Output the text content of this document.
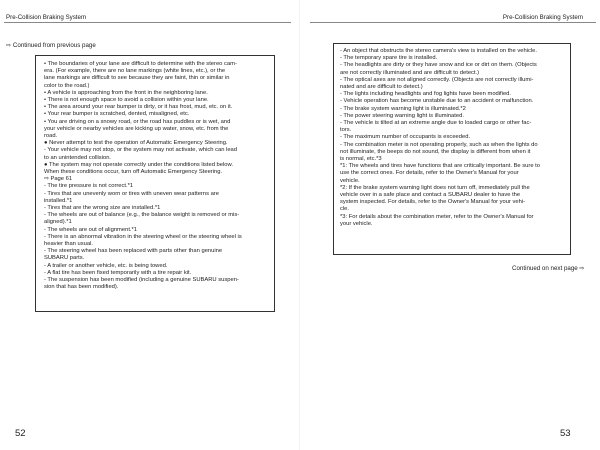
Pre-Collision Braking System	Pre-Collision Braking System
⇨ Continued from previous page
• The boundaries of your lane are difficult to determine with the stereo cam-
era. (For example, there are no lane markings (white lines, etc.), or the
lane markings are difficult to see because they are faint, thin or similar in
color to the road.)
• A vehicle is approaching from the front in the neighboring lane.
• There is not enough space to avoid a collision within your lane.
• The area around your rear bumper is dirty, or it has frost, mud, etc. on it.
• Your rear bumper is scratched, dented, misaligned, etc.
• You are driving on a snowy road, or the road has puddles or is wet, and
your vehicle or nearby vehicles are kicking up water, snow, etc. from the
road.
● Never attempt to test the operation of Automatic Emergency Steering.
- Your vehicle may not stop, or the system may not activate, which can lead
to an unintended collision.
● The system may not operate correctly under the conditions listed below.
When these conditions occur, turn off Automatic Emergency Steering.
⇨ Page 61
- The tire pressure is not correct.*1
- Tires that are unevenly worn or tires with uneven wear patterns are
installed.*1
- Tires that are the wrong size are installed.*1
- The wheels are out of balance (e.g., the balance weight is removed or mis-
aligned).*1
- The wheels are out of alignment.*1
- There is an abnormal vibration in the steering wheel or the steering wheel is
heavier than usual.
- The steering wheel has been replaced with parts other than genuine
SUBARU parts.
- A trailer or another vehicle, etc. is being towed.
- A flat tire has been fixed temporarily with a tire repair kit.
- The suspension has been modified (including a genuine SUBARU suspen-
sion that has been modified).
- An object that obstructs the stereo camera's view is installed on the vehicle.
- The temporary spare tire is installed.
- The headlights are dirty or they have snow and ice or dirt on them. (Objects
are not correctly illuminated and are difficult to detect.)
- The optical axes are not aligned correctly. (Objects are not correctly illumi-
nated and are difficult to detect.)
- The lights including headlights and fog lights have been modified.
- Vehicle operation has become unstable due to an accident or malfunction.
- The brake system warning light is illuminated.*2
- The power steering warning light is illuminated.
- The vehicle is tilted at an extreme angle due to loaded cargo or other fac-
tors.
- The maximum number of occupants is exceeded.
- The combination meter is not operating properly, such as when the lights do
not illuminate, the beeps do not sound, the display is different from when it
is normal, etc.*3
*1: The wheels and tires have functions that are critically important. Be sure to
use the correct ones. For details, refer to the Owner's Manual for your
vehicle.
*2: If the brake system warning light does not turn off, immediately pull the
vehicle over in a safe place and contact a SUBARU dealer to have the
system inspected. For details, refer to the Owner's Manual for your vehi-
cle.
*3: For details about the combination meter, refer to the Owner's Manual for
your vehicle.
Continued on next page ⇨
52	53
